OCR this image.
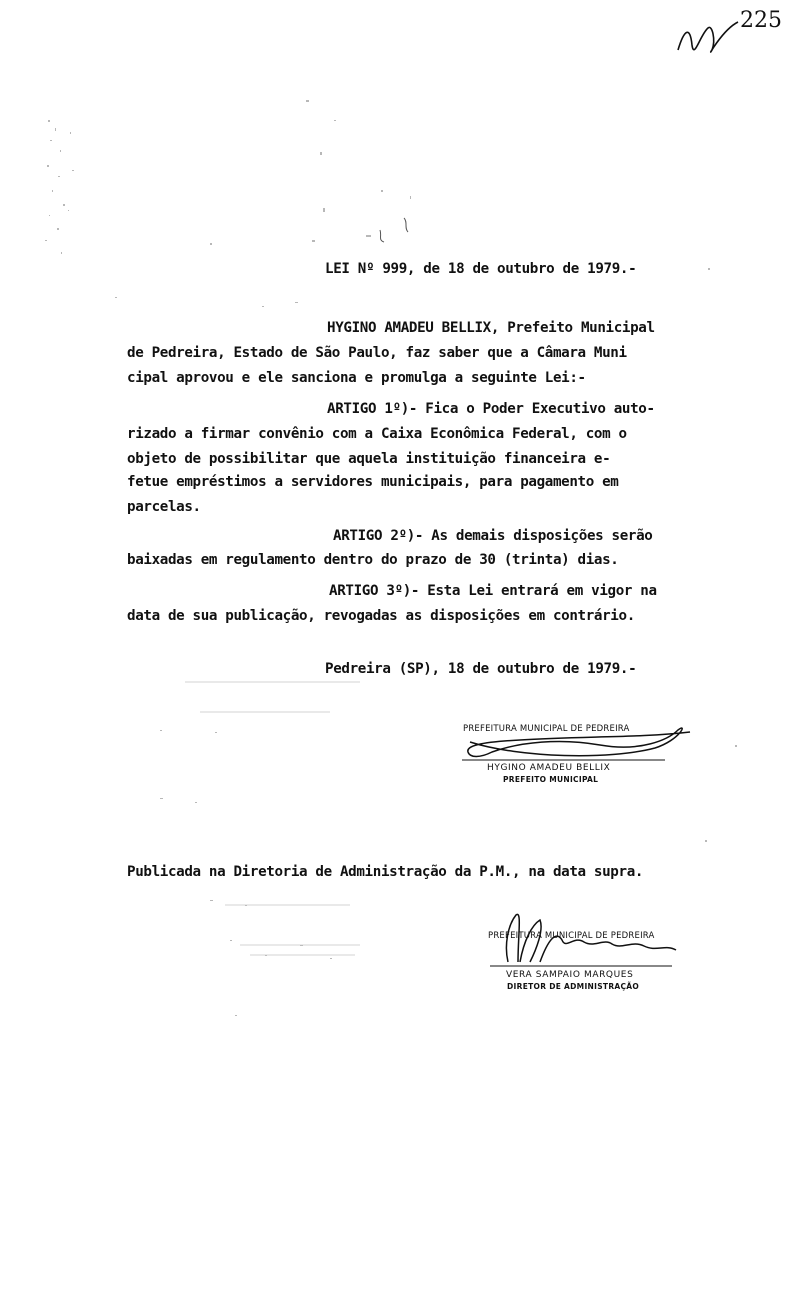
225
LEI Nº 999, de 18 de outubro de 1979.-
HYGINO AMADEU BELLIX, Prefeito Municipal
de Pedreira, Estado de São Paulo, faz saber que a Câmara Muni
cipal aprovou e ele sanciona e promulga a seguinte Lei:-
ARTIGO 1º)- Fica o Poder Executivo auto-
rizado a firmar convênio com a Caixa Econômica Federal, com o
objeto de possibilitar que aquela instituição financeira e-
fetue empréstimos a servidores municipais, para pagamento em
parcelas.
ARTIGO 2º)- As demais disposições serão
baixadas em regulamento dentro do prazo de 30 (trinta) dias.
ARTIGO 3º)- Esta Lei entrará em vigor na
data de sua publicação, revogadas as disposições em contrário.
Pedreira (SP), 18 de outubro de 1979.-
PREFEITURA MUNICIPAL DE PEDREIRA
HYGINO AMADEU BELLIX
PREFEITO MUNICIPAL
Publicada na Diretoria de Administração da P.M., na data supra.
PREFEITURA MUNICIPAL DE PEDREIRA
VERA SAMPAIO MARQUES
DIRETOR DE ADMINISTRAÇÃO
